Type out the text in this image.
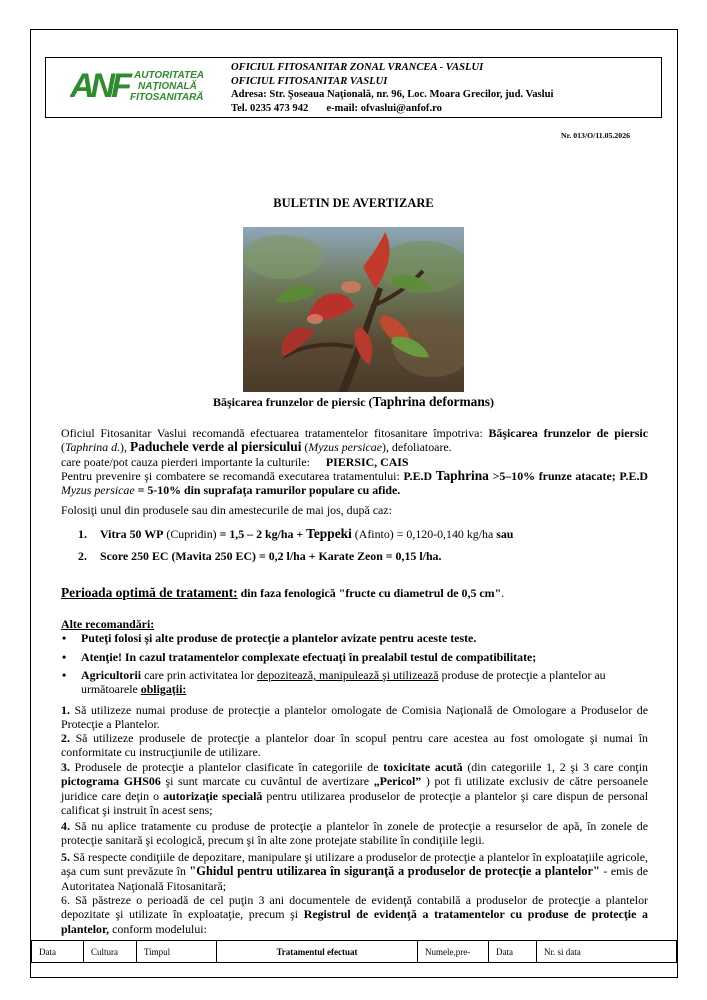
ANF AUTORITATEA
NAȚIONALĂ
FITOSANITARĂ
OFICIUL FITOSANITAR ZONAL VRANCEA - VASLUI
OFICIUL FITOSANITAR VASLUI
Adresa: Str. Şoseaua Naţională, nr. 96, Loc. Moara Grecilor, jud. Vaslui
Tel. 0235 473 942 e-mail: ofvaslui@anfof.ro
Nr. 013/O/11.05.2026
BULETIN DE AVERTIZARE
Băşicarea frunzelor de piersic (Taphrina deformans)
Oficiul Fitosanitar Vaslui recomandă efectuarea tratamentelor fitosanitare împotriva: Băşicarea frunzelor de piersic (Taphrina d.), Paduchele verde al piersicului (Myzus persicae), defoliatoare.
care poate/pot cauza pierderi importante la culturile: PIERSIC, CAIS
Pentru prevenire şi combatere se recomandă executarea tratamentului: P.E.D Taphrina >5–10% frunze atacate; P.E.D Myzus persicae = 5-10% din suprafaţa ramurilor populare cu afide.
Folosiţi unul din produsele sau din amestecurile de mai jos, după caz:
1. Vitra 50 WP (Cupridin) = 1,5 – 2 kg/ha + Teppeki (Afinto) = 0,120-0,140 kg/ha sau
2. Score 250 EC (Mavita 250 EC) = 0,2 l/ha + Karate Zeon = 0,15 l/ha.
Perioada optimă de tratament: din faza fenologică "fructe cu diametrul de 0,5 cm".
Alte recomandări:
• Puteţi folosi şi alte produse de protecţie a plantelor avizate pentru aceste teste.
• Atenţie! In cazul tratamentelor complexate efectuaţi în prealabil testul de compatibilitate;
• Agricultorii care prin activitatea lor depozitează, manipulează şi utilizează produse de protecţie a plantelor au următoarele obligaţii:
1. Să utilizeze numai produse de protecţie a plantelor omologate de Comisia Naţională de Omologare a Produselor de Protecţie a Plantelor.
2. Să utilizeze produsele de protecţie a plantelor doar în scopul pentru care acestea au fost omologate şi numai în conformitate cu instrucţiunile de utilizare.
3. Produsele de protecţie a plantelor clasificate în categoriile de toxicitate acută (din categoriile 1, 2 şi 3 care conţin pictograma GHS06 şi sunt marcate cu cuvântul de avertizare „Pericol” ) pot fi utilizate exclusiv de către persoanele juridice care deţin o autorizaţie specială pentru utilizarea produselor de protecţie a plantelor şi care dispun de personal calificat şi instruit în acest sens;
4. Să nu aplice tratamente cu produse de protecţie a plantelor în zonele de protecţie a resurselor de apă, în zonele de protecţie sanitară şi ecologică, precum şi în alte zone protejate stabilite în condiţiile legii.
5. Să respecte condiţiile de depozitare, manipulare şi utilizare a produselor de protecţie a plantelor în exploataţiile agricole, aşa cum sunt prevăzute în "Ghidul pentru utilizarea în siguranţă a produselor de protecţie a plantelor" - emis de Autoritatea Naţională Fitosanitară;
6. Să păstreze o perioadă de cel puţin 3 ani documentele de evidenţă contabilă a produselor de protecţie a plantelor depozitate şi utilizate în exploataţie, precum şi Registrul de evidenţă a tratamentelor cu produse de protecţie a plantelor, conform modelului:
Data	Cultura	Timpul	Tratamentul efectuat	Numele,pre-	Data	Nr. si data
